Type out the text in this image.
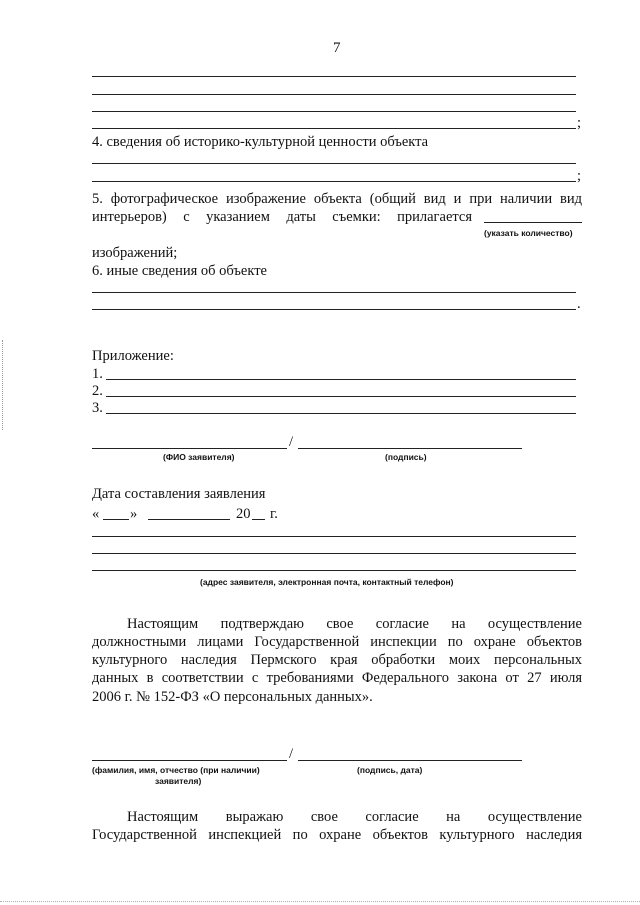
7
;
4. сведения об историко-культурной ценности объекта
;
5. фотографическое изображение объекта (общий вид и при наличии вид
интерьеров) с указанием даты съемки: прилагается
(указать количество)
изображений;
6. иные сведения об объекте
.
Приложение:
1.
2.
3.
/
(ФИО заявителя)	(подпись)
Дата составления заявления
« »	20 г.
(адрес заявителя, электронная почта, контактный телефон)
Настоящим подтверждаю свое согласие на осуществление
должностными лицами Государственной инспекции по охране объектов
культурного наследия Пермского края обработки моих персональных
данных в соответствии с требованиями Федерального закона от 27 июля
2006 г. № 152-ФЗ «О персональных данных».
/
(фамилия, имя, отчество (при наличии)
заявителя)
(подпись, дата)
Настоящим выражаю свое согласие на осуществление
Государственной инспекцией по охране объектов культурного наследия
